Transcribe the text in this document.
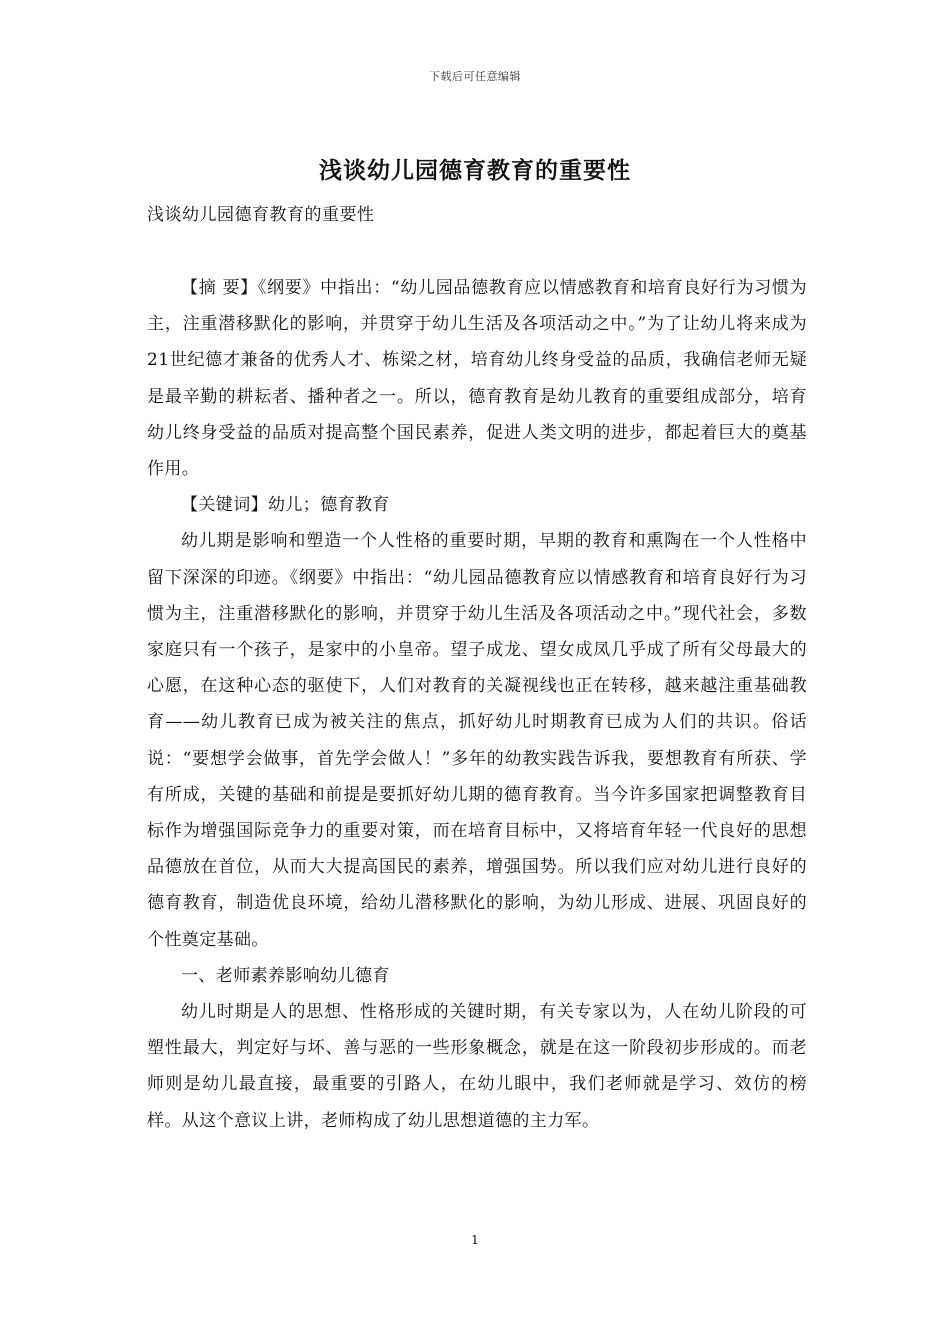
下载后可任意编辑
浅谈幼儿园德育教育的重要性
浅谈幼儿园德育教育的重要性

【摘 要】《纲要》中指出：“幼儿园品德教育应以情感教育和培育良好行为习惯为主，注重潜移默化的影响，并贯穿于幼儿生活及各项活动之中。”为了让幼儿将来成为21世纪德才兼备的优秀人才、栋梁之材，培育幼儿终身受益的品质，我确信老师无疑是最辛勤的耕耘者、播种者之一。所以，德育教育是幼儿教育的重要组成部分，培育幼儿终身受益的品质对提高整个国民素养，促进人类文明的进步，都起着巨大的奠基作用。

【关键词】幼儿；德育教育

幼儿期是影响和塑造一个人性格的重要时期，早期的教育和熏陶在一个人性格中留下深深的印迹。《纲要》中指出：“幼儿园品德教育应以情感教育和培育良好行为习惯为主，注重潜移默化的影响，并贯穿于幼儿生活及各项活动之中。”现代社会，多数家庭只有一个孩子，是家中的小皇帝。望子成龙、望女成凤几乎成了所有父母最大的心愿，在这种心态的驱使下，人们对教育的关凝视线也正在转移，越来越注重基础教育——幼儿教育已成为被关注的焦点，抓好幼儿时期教育已成为人们的共识。俗话说：“要想学会做事，首先学会做人！”多年的幼教实践告诉我，要想教育有所获、学有所成，关键的基础和前提是要抓好幼儿期的德育教育。当今许多国家把调整教育目标作为增强国际竞争力的重要对策，而在培育目标中，又将培育年轻一代良好的思想品德放在首位，从而大大提高国民的素养，增强国势。所以我们应对幼儿进行良好的德育教育，制造优良环境，给幼儿潜移默化的影响，为幼儿形成、进展、巩固良好的个性奠定基础。

一、老师素养影响幼儿德育

幼儿时期是人的思想、性格形成的关键时期，有关专家以为，人在幼儿阶段的可塑性最大，判定好与坏、善与恶的一些形象概念，就是在这一阶段初步形成的。而老师则是幼儿最直接，最重要的引路人，在幼儿眼中，我们老师就是学习、效仿的榜样。从这个意议上讲，老师构成了幼儿思想道德的主力军。

1
